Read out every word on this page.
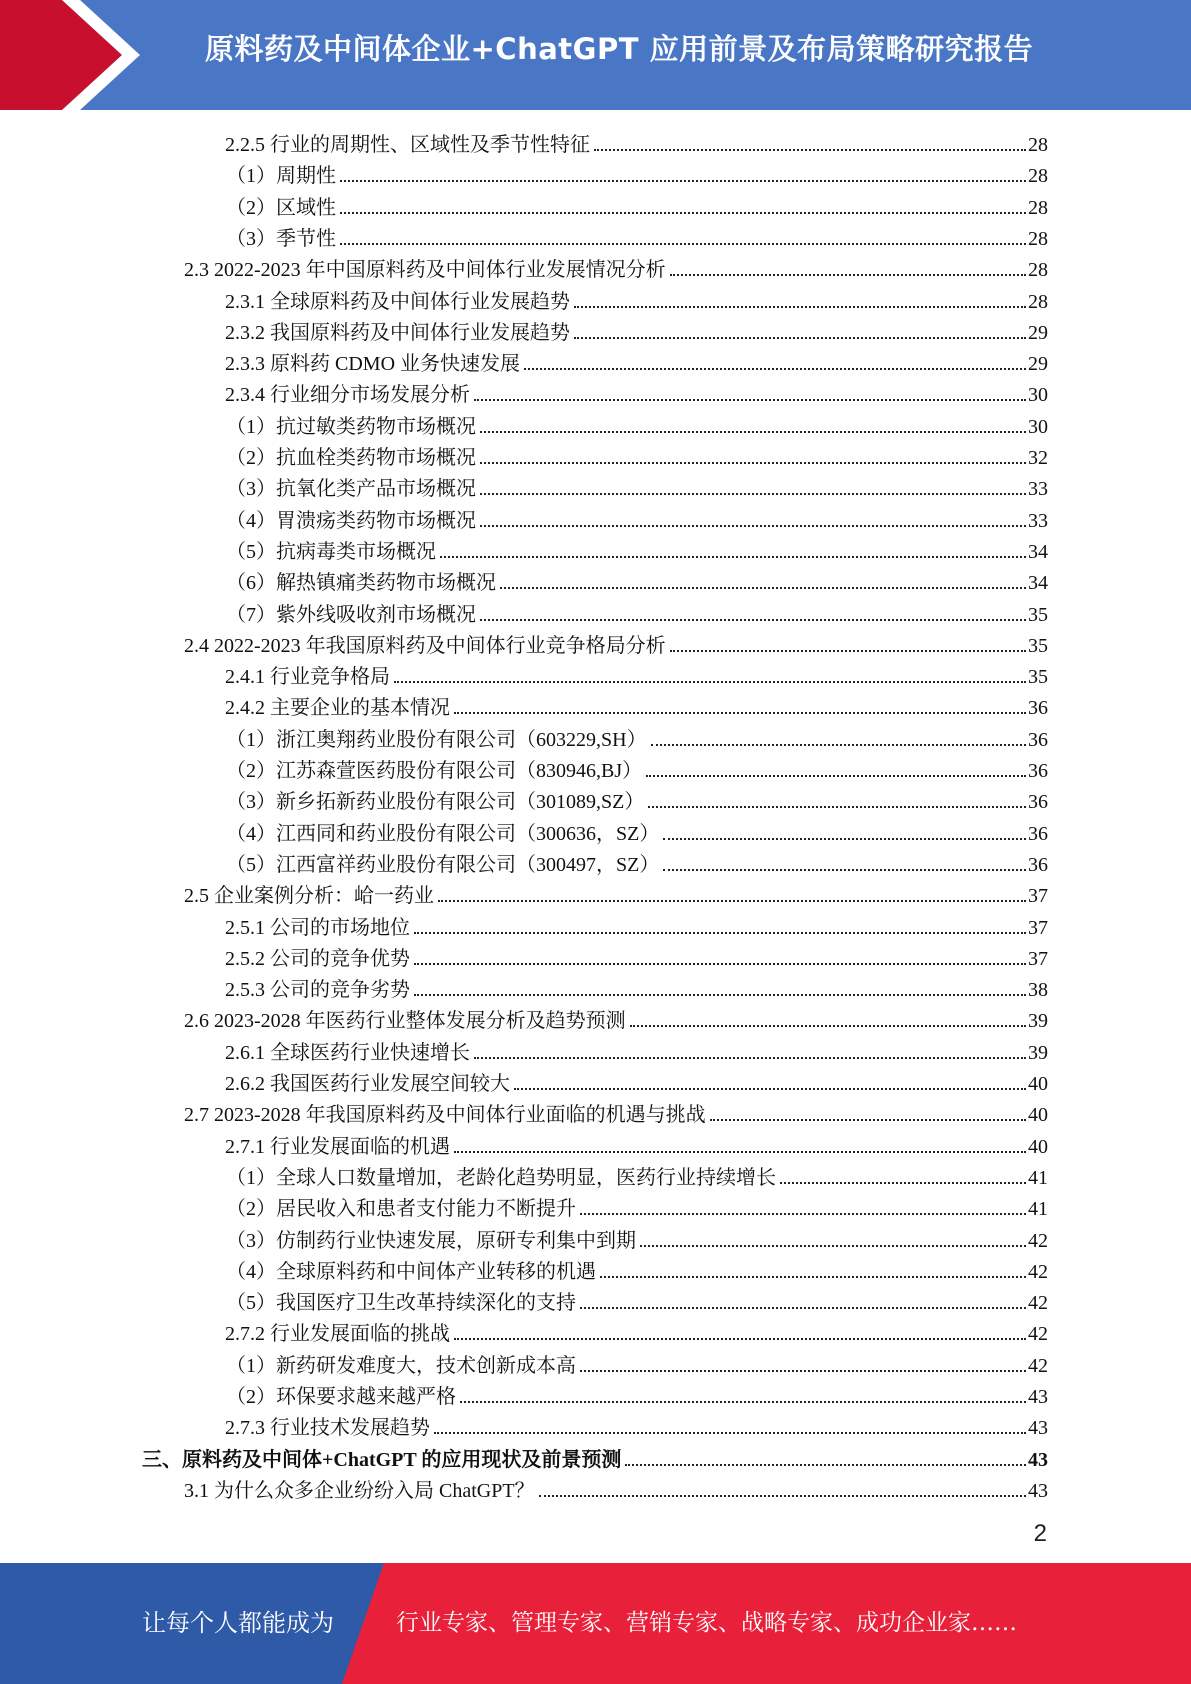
原料药及中间体企业+ChatGPT 应用前景及布局策略研究报告
2.2.5 行业的周期性、区域性及季节性特征	28
（1）周期性	28
（2）区域性	28
（3）季节性	28
2.3 2022-2023 年中国原料药及中间体行业发展情况分析	28
2.3.1 全球原料药及中间体行业发展趋势	28
2.3.2 我国原料药及中间体行业发展趋势	29
2.3.3 原料药 CDMO 业务快速发展	29
2.3.4 行业细分市场发展分析	30
（1）抗过敏类药物市场概况	30
（2）抗血栓类药物市场概况	32
（3）抗氧化类产品市场概况	33
（4）胃溃疡类药物市场概况	33
（5）抗病毒类市场概况	34
（6）解热镇痛类药物市场概况	34
（7）紫外线吸收剂市场概况	35
2.4 2022-2023 年我国原料药及中间体行业竞争格局分析	35
2.4.1 行业竞争格局	35
2.4.2 主要企业的基本情况	36
（1）浙江奥翔药业股份有限公司（603229,SH）	36
（2）江苏森萱医药股份有限公司（830946,BJ）	36
（3）新乡拓新药业股份有限公司（301089,SZ）	36
（4）江西同和药业股份有限公司（300636，SZ）	36
（5）江西富祥药业股份有限公司（300497，SZ）	36
2.5 企业案例分析：峆一药业	37
2.5.1 公司的市场地位	37
2.5.2 公司的竞争优势	37
2.5.3 公司的竞争劣势	38
2.6 2023-2028 年医药行业整体发展分析及趋势预测	39
2.6.1 全球医药行业快速增长	39
2.6.2 我国医药行业发展空间较大	40
2.7 2023-2028 年我国原料药及中间体行业面临的机遇与挑战	40
2.7.1 行业发展面临的机遇	40
（1）全球人口数量增加，老龄化趋势明显，医药行业持续增长	41
（2）居民收入和患者支付能力不断提升	41
（3）仿制药行业快速发展，原研专利集中到期	42
（4）全球原料药和中间体产业转移的机遇	42
（5）我国医疗卫生改革持续深化的支持	42
2.7.2 行业发展面临的挑战	42
（1）新药研发难度大，技术创新成本高	42
（2）环保要求越来越严格	43
2.7.3 行业技术发展趋势	43
三、原料药及中间体+ChatGPT 的应用现状及前景预测	43
3.1 为什么众多企业纷纷入局 ChatGPT？	43
2
让每个人都能成为	行业专家、管理专家、营销专家、战略专家、成功企业家……
